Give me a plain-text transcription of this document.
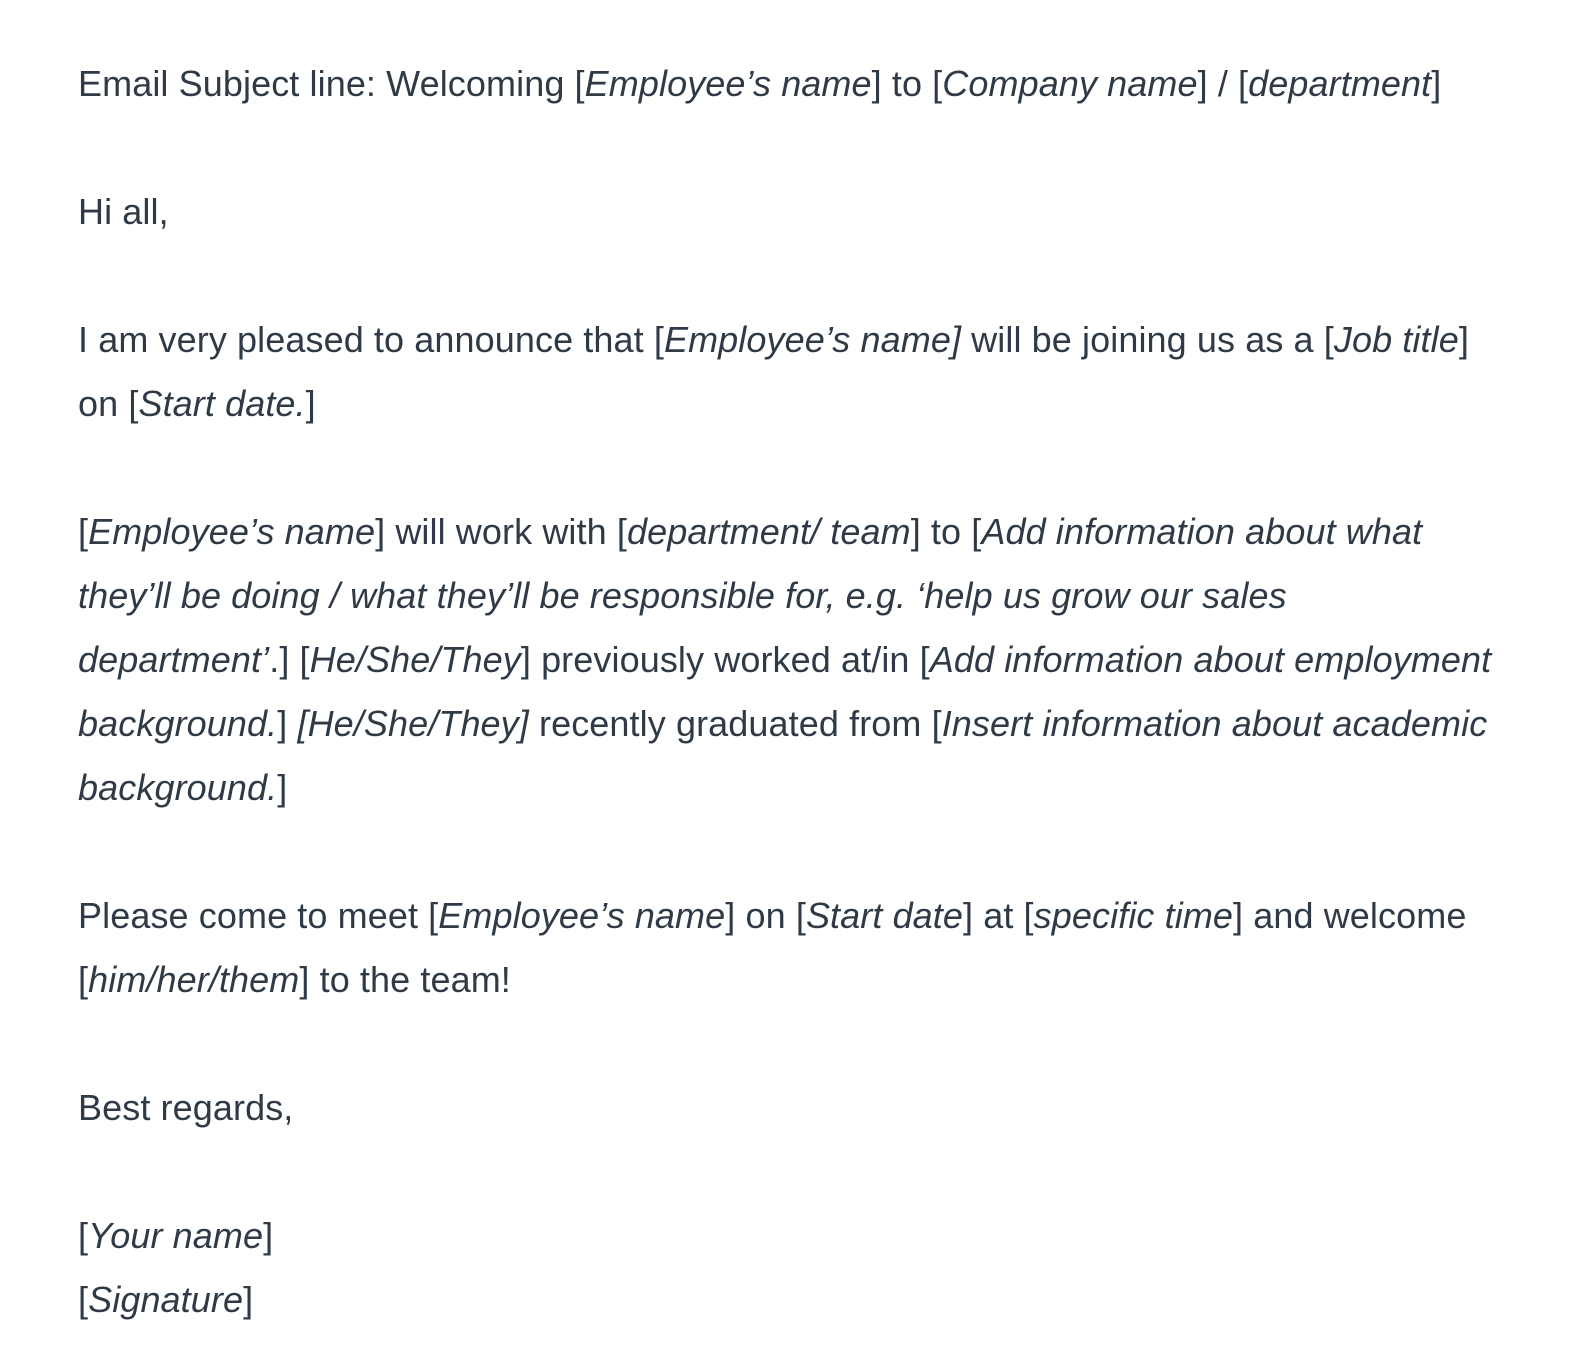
Email Subject line: Welcoming [Employee’s name] to [Company name] / [department]

Hi all,

I am very pleased to announce that [Employee’s name] will be joining us as a [Job title] on [Start date.]

[Employee’s name] will work with [department/ team] to [Add information about what they’ll be doing / what they’ll be responsible for, e.g. ‘help us grow our sales department’.] [He/She/They] previously worked at/in [Add information about employment background.] [He/She/They] recently graduated from [Insert information about academic background.]

Please come to meet [Employee’s name] on [Start date] at [specific time] and welcome [him/her/them] to the team!

Best regards,

[Your name]

[Signature]
